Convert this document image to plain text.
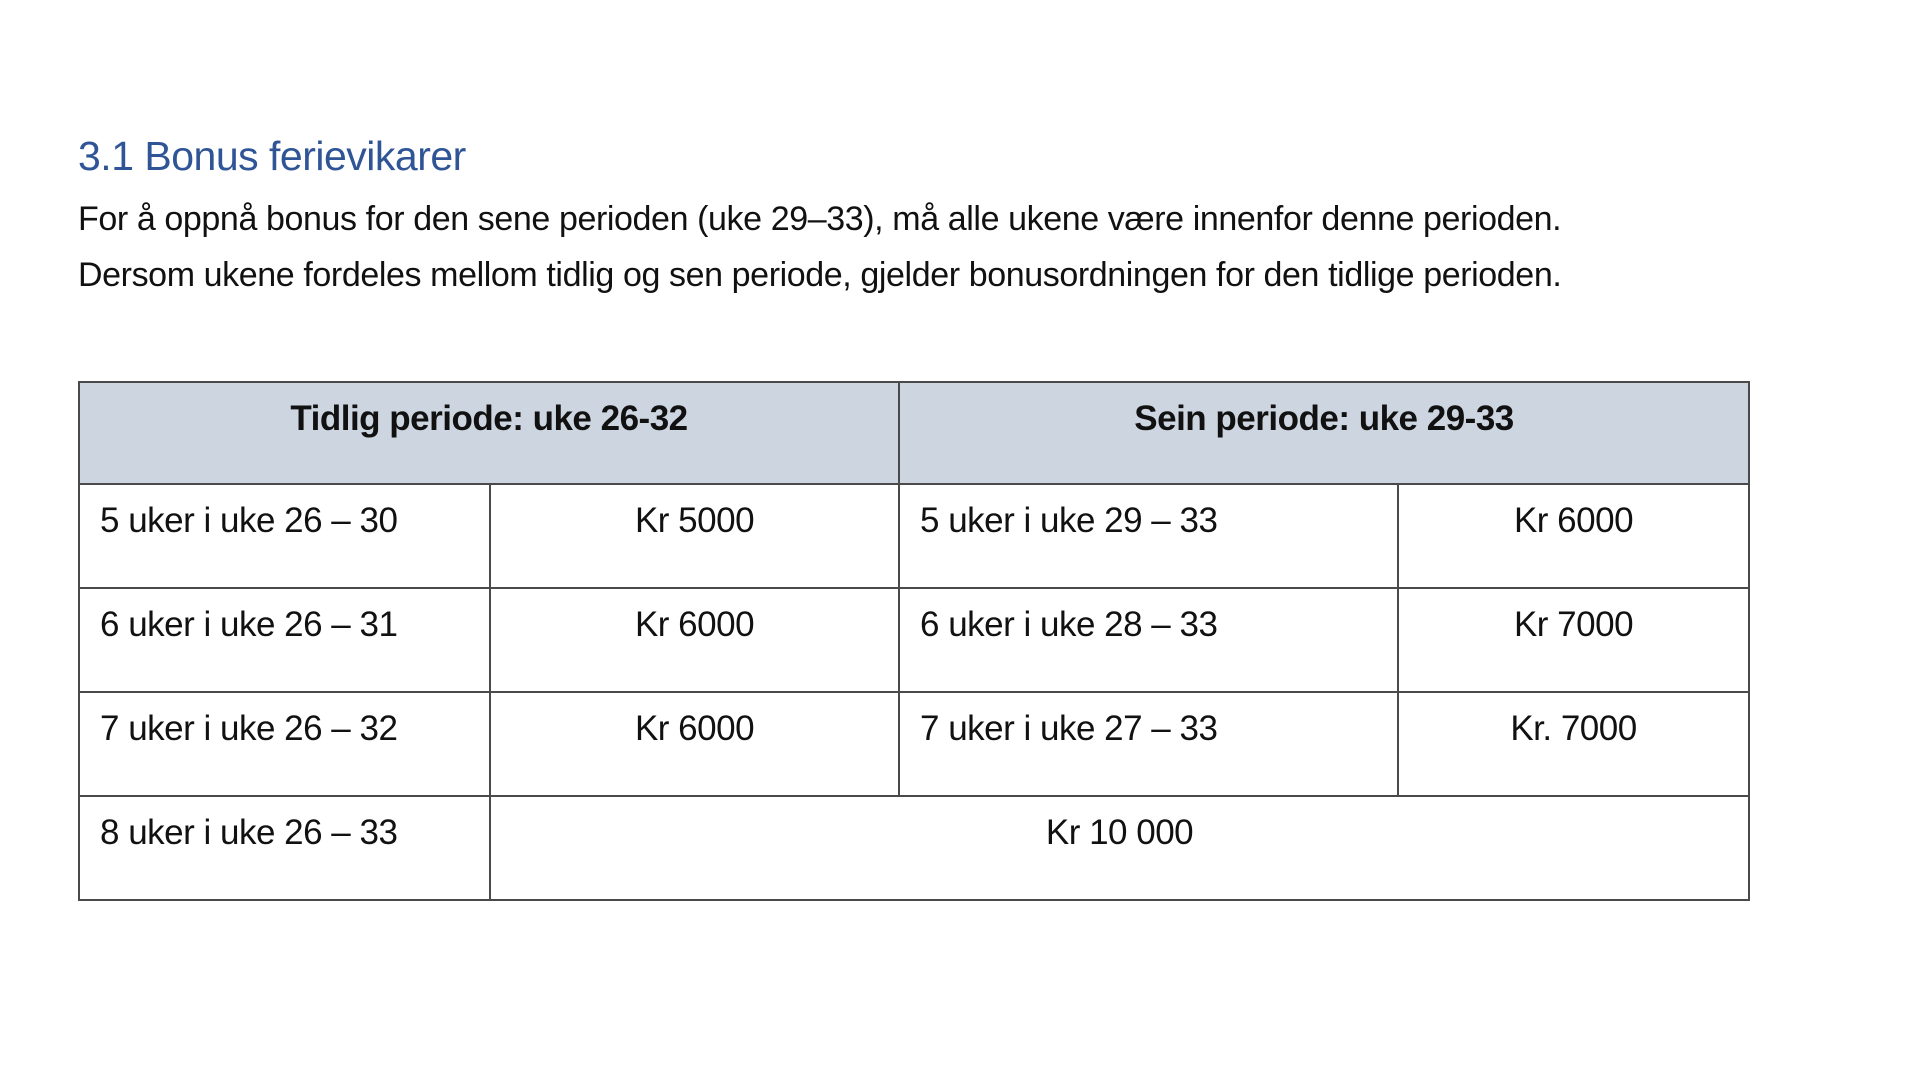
3.1 Bonus ferievikarer

For å oppnå bonus for den sene perioden (uke 29–33), må alle ukene være innenfor denne perioden.

Dersom ukene fordeles mellom tidlig og sen periode, gjelder bonusordningen for den tidlige perioden.

Tidlig periode: uke 26-32		Sein periode: uke 29-33	
5 uker i uke 26 – 30	Kr 5000	5 uker i uke 29 – 33	Kr 6000
6 uker i uke 26 – 31	Kr 6000	6 uker i uke 28 – 33	Kr 7000
7 uker i uke 26 – 32	Kr 6000	7 uker i uke 27 – 33	Kr. 7000
8 uker i uke 26 – 33	Kr 10 000		
